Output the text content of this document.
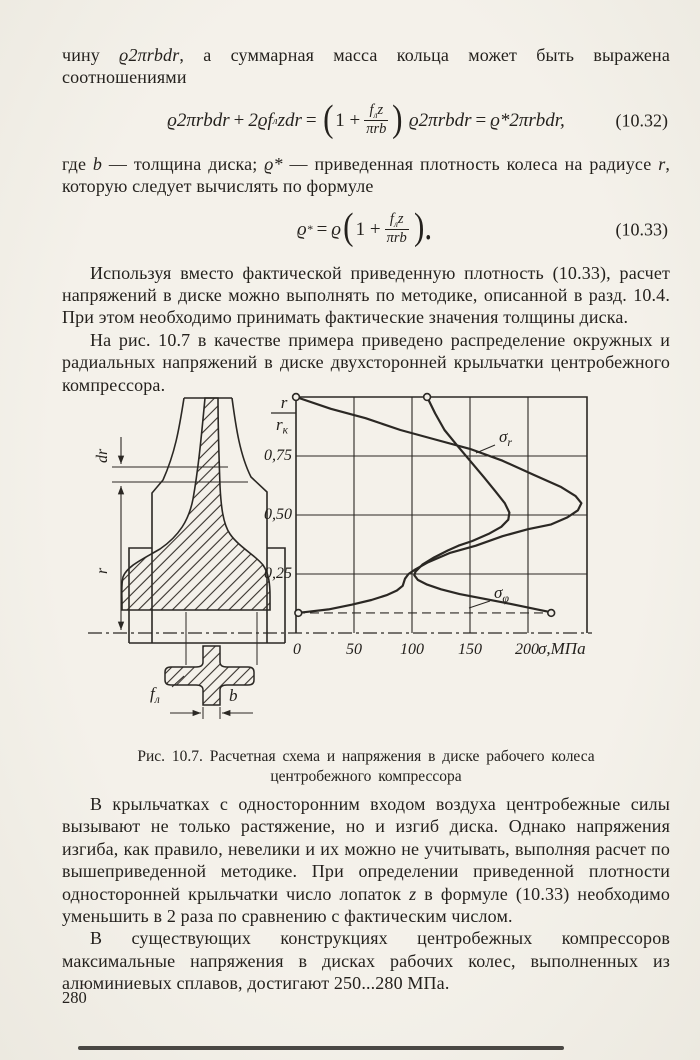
чину ϱ2πrbdr, а суммарная масса кольца может быть выражена соотношениями

ϱ2πrbdr + 2ϱf л zdr = ( $1 + \frac{f_лz}{\text{πrb}}$ ) ϱ2πrbdr = ϱ*2πrbdr,	(10.32)

где b — толщина диска; ϱ* — приведенная плотность колеса на радиусе r, которую следует вычислять по формуле

ϱ * = ϱ ( $1 + \frac{f_лz}{\text{πrb}}$ ).	(10.33)

Используя вместо фактической приведенную плотность (10.33), расчет напряжений в диске можно выполнять по методике, описанной в разд. 10.4. При этом необходимо принимать фактические значения толщины диска.

На рис. 10.7 в качестве примера приведено распределение окружных и радиальных напряжений в диске двухсторонней крыльчатки центробежного компрессора.

dr
r
b
$f_л$
r
$r_к$
0,75
0,50
0,25
0	50 100 150 200 σ,МПа
$\sigma_r$
$\sigma_\varphi$

Рис. 10.7. Расчетная схема и напряжения в диске рабочего колеса центробежного компрессора

В крыльчатках с односторонним входом воздуха центробежные силы вызывают не только растяжение, но и изгиб диска. Однако напряжения изгиба, как правило, невелики и их можно не учитывать, выполняя расчет по вышеприведенной методике. При определении приведенной плотности односторонней крыльчатки число лопаток z в формуле (10.33) необходимо уменьшить в 2 раза по сравнению с фактическим числом.

В существующих конструкциях центробежных компрессоров максимальные напряжения в дисках рабочих колес, выполненных из алюминиевых сплавов, достигают 250...280 МПа.

280
